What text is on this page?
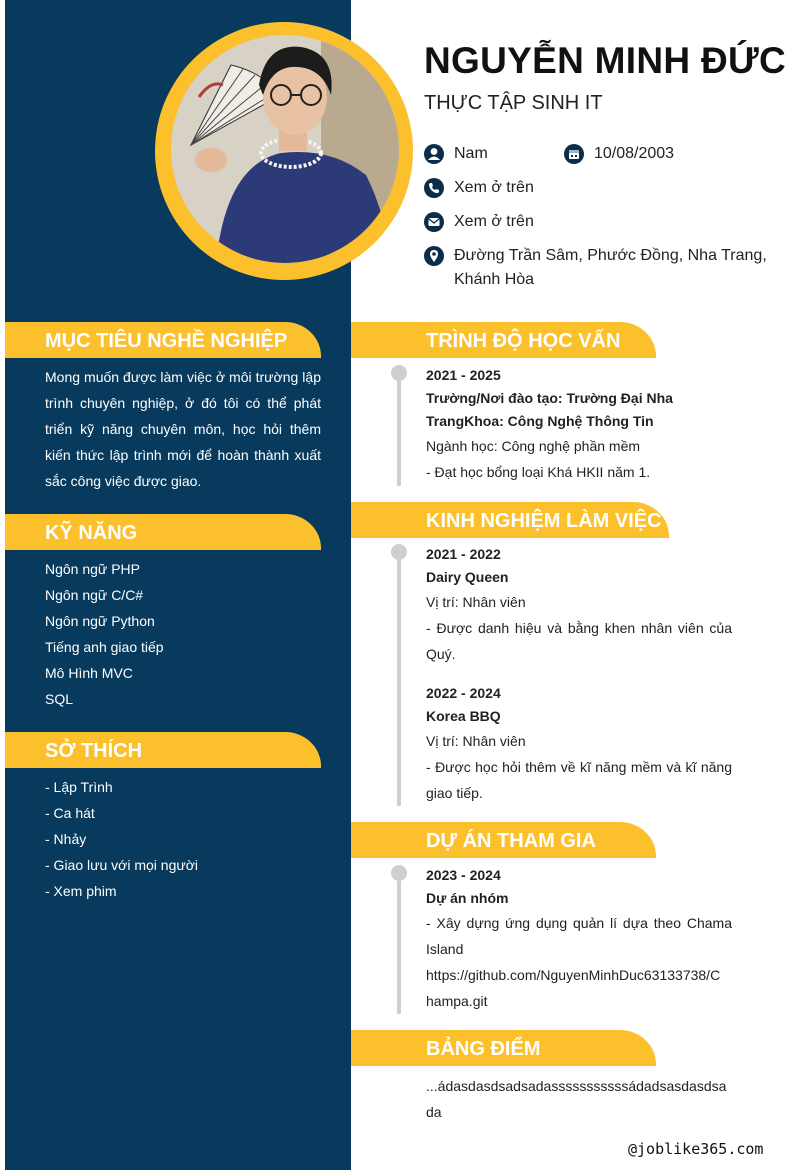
NGUYỄN MINH ĐỨC
THỰC TẬP SINH IT
Nam	10/08/2003
Xem ở trên
Xem ở trên
Đường Trần Sâm, Phước Đồng, Nha Trang,
Khánh Hòa
MỤC TIÊU NGHỀ NGHIỆP
Mong muốn được làm việc ở môi trường lập trình chuyên nghiệp, ở đó tôi có thể phát triển kỹ năng chuyên môn, học hỏi thêm kiến thức lập trình mới để hoàn thành xuất sắc công việc được giao.
KỸ NĂNG
Ngôn ngữ PHP
Ngôn ngữ C/C#
Ngôn ngữ Python
Tiếng anh giao tiếp
Mô Hình MVC
SQL
SỞ THÍCH
- Lập Trình
- Ca hát
- Nhảy
- Giao lưu với mọi người
- Xem phim
TRÌNH ĐỘ HỌC VẤN
2021 - 2025
Trường/Nơi đào tạo: Trường Đại Nha TrangKhoa: Công Nghệ Thông Tin
Ngành học: Công nghệ phần mềm
- Đạt học bổng loại Khá HKII năm 1.
KINH NGHIỆM LÀM VIỆC
2021 - 2022
Dairy Queen
Vị trí: Nhân viên
- Được danh hiệu và bằng khen nhân viên của Quý.
2022 - 2024
Korea BBQ
Vị trí: Nhân viên
- Được học hỏi thêm về kĩ năng mềm và kĩ năng giao tiếp.
DỰ ÁN THAM GIA
2023 - 2024
Dự án nhóm
- Xây dựng ứng dụng quản lí dựa theo Chama Island
https://github.com/NguyenMinhDuc63133738/C
hampa.git
BẢNG ĐIỂM
...ádasdasdsadsadasssssssssssádadsasdasdsa
da
@joblike365.com
